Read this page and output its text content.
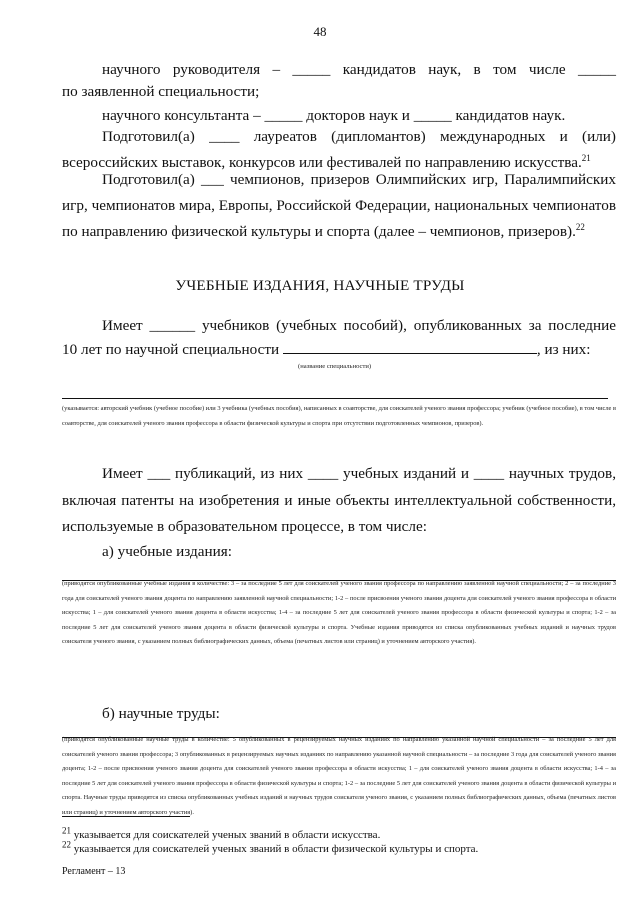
48
научного руководителя – _____ кандидатов наук, в том числе _____
по заявленной специальности;
научного консультанта – _____ докторов наук и _____ кандидатов наук.
Подготовил(а) ____ лауреатов (дипломантов) международных и (или) всероссийских выставок, конкурсов или фестивалей по направлению искусства.$^{21}$
Подготовил(а) ___ чемпионов, призеров Олимпийских игр, Паралимпийских игр, чемпионатов мира, Европы, Российской Федерации, национальных чемпионатов по направлению физической культуры и спорта (далее – чемпионов, призеров).$^{22}$
УЧЕБНЫЕ ИЗДАНИЯ, НАУЧНЫЕ ТРУДЫ
Имеет ______ учебников (учебных пособий), опубликованных за последние
10 лет по научной специальности	, из них:
(название специальности)
(указывается: авторский учебник (учебное пособие) или 3 учебника (учебных пособия), написанных в соавторстве, для соискателей ученого звания профессора; учебник (учебное пособие), в том числе в соавторстве, для соискателей ученого звания профессора в области физической культуры и спорта при отсутствии подготовленных чемпионов, призеров).
Имеет ___ публикаций, из них ____ учебных изданий и ____ научных трудов, включая патенты на изобретения и иные объекты интеллектуальной собственности, используемые в образовательном процессе, в том числе:
а) учебные издания:
(приводятся опубликованные учебные издания в количестве: 3 – за последние 5 лет для соискателей ученого звания профессора по направлению заявленной научной специальности; 2 – за последние 3 года для соискателей ученого звания доцента по направлению заявленной научной специальности; 1-2 – после присвоения ученого звания доцента для соискателей ученого звания профессора в области искусства; 1 – для соискателей ученого звания доцента в области искусства; 1-4 – за последние 5 лет для соискателей ученого звания профессора в области физической культуры и спорта; 1-2 – за последние 5 лет для соискателей ученого звания доцента в области физической культуры и спорта. Учебные издания приводятся из списка опубликованных учебных изданий и научных трудов соискателя ученого звания, с указанием полных библиографических данных, объема (печатных листов или страниц) и уточнением авторского участия).
б) научные труды:
(приводятся опубликованные научные труды в количестве: 5 опубликованных в рецензируемых научных изданиях по направлению указанной научной специальности – за последние 5 лет для соискателей ученого звания профессора; 3 опубликованных в рецензируемых научных изданиях по направлению указанной научной специальности – за последние 3 года для соискателей ученого звания доцента; 1-2 – после присвоения ученого звания доцента для соискателей ученого звания профессора в области искусства; 1 – для соискателей ученого звания доцента в области искусства; 1-4 – за последние 5 лет для соискателей ученого звания профессора в области физической культуры и спорта; 1-2 – за последние 5 лет для соискателей ученого звания доцента в области физической культуры и спорта. Научные труды приводятся из списка опубликованных учебных изданий и научных трудов соискателя ученого звания, с указанием полных библиографических данных, объема (печатных листов или страниц) и уточнением авторского участия).
$^{21}$ указывается для соискателей ученых званий в области искусства.
$^{22}$ указывается для соискателей ученых званий в области физической культуры и спорта.
Регламент – 13
